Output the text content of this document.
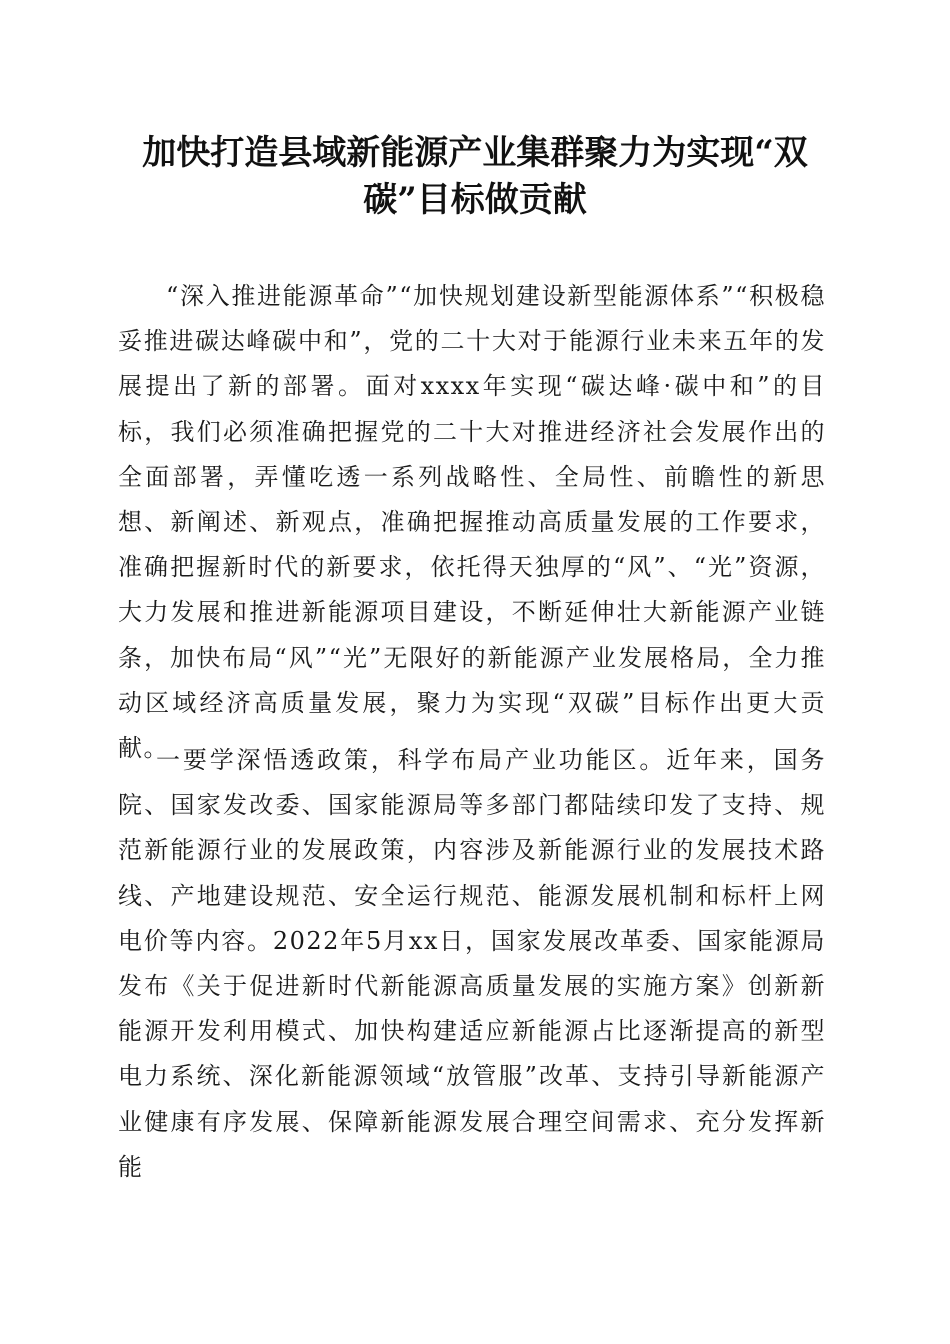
加快打造县域新能源产业集群聚力为实现“双碳”目标做贡献

“深入推进能源革命”“加快规划建设新型能源体系”“积极稳妥推进碳达峰碳中和”，党的二十大对于能源行业未来五年的发展提出了新的部署。面对xxxx年实现“碳达峰·碳中和”的目标，我们必须准确把握党的二十大对推进经济社会发展作出的全面部署，弄懂吃透一系列战略性、全局性、前瞻性的新思想、新阐述、新观点，准确把握推动高质量发展的工作要求，准确把握新时代的新要求，依托得天独厚的“风”、“光”资源，大力发展和推进新能源项目建设，不断延伸壮大新能源产业链条，加快布局“风”“光”无限好的新能源产业发展格局，全力推动区域经济高质量发展，聚力为实现“双碳”目标作出更大贡献。

一要学深悟透政策，科学布局产业功能区。近年来，国务院、国家发改委、国家能源局等多部门都陆续印发了支持、规范新能源行业的发展政策，内容涉及新能源行业的发展技术路线、产地建设规范、安全运行规范、能源发展机制和标杆上网电价等内容。2022年5月xx日，国家发展改革委、国家能源局发布《关于促进新时代新能源高质量发展的实施方案》创新新能源开发利用模式、加快构建适应新能源占比逐渐提高的新型电力系统、深化新能源领域“放管服”改革、支持引导新能源产业健康有序发展、保障新能源发展合理空间需求、充分发挥新能
